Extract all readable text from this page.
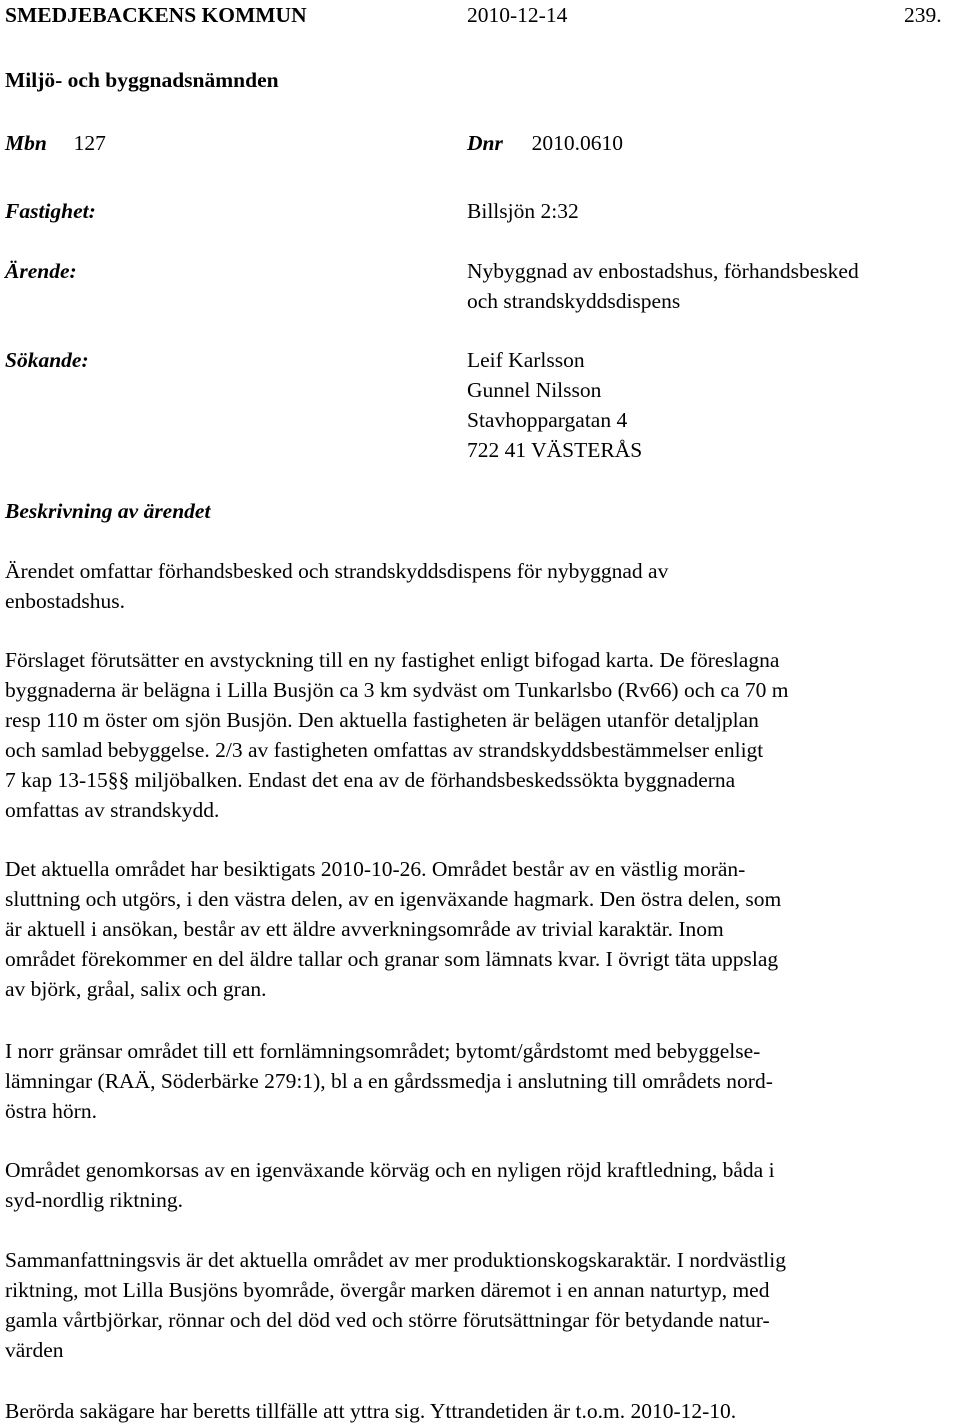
SMEDJEBACKENS KOMMUN	2010-12-14	239.
Miljö- och byggnadsnämnden
Mbn 127	Dnr 2010.0610
Fastighet:	Billsjön 2:32
Ärende:	Nybyggnad av enbostadshus, förhandsbesked
och strandskyddsdispens
Sökande:	Leif Karlsson
Gunnel Nilsson
Stavhoppargatan 4
722 41 VÄSTERÅS
Beskrivning av ärendet
Ärendet omfattar förhandsbesked och strandskyddsdispens för nybyggnad av
enbostadshus.
Förslaget förutsätter en avstyckning till en ny fastighet enligt bifogad karta. De föreslagna
byggnaderna är belägna i Lilla Busjön ca 3 km sydväst om Tunkarlsbo (Rv66) och ca 70 m
resp 110 m öster om sjön Busjön. Den aktuella fastigheten är belägen utanför detaljplan
och samlad bebyggelse. 2/3 av fastigheten omfattas av strandskyddsbestämmelser enligt
7 kap 13-15§§ miljöbalken. Endast det ena av de förhandsbeskedssökta byggnaderna
omfattas av strandskydd.
Det aktuella området har besiktigats 2010-10-26. Området består av en västlig morän-
sluttning och utgörs, i den västra delen, av en igenväxande hagmark. Den östra delen, som
är aktuell i ansökan, består av ett äldre avverkningsområde av trivial karaktär. Inom
området förekommer en del äldre tallar och granar som lämnats kvar. I övrigt täta uppslag
av björk, gråal, salix och gran.
I norr gränsar området till ett fornlämningsområdet; bytomt/gårdstomt med bebyggelse-
lämningar (RAÄ, Söderbärke 279:1), bl a en gårdssmedja i anslutning till områdets nord-
östra hörn.
Området genomkorsas av en igenväxande körväg och en nyligen röjd kraftledning, båda i
syd-nordlig riktning.
Sammanfattningsvis är det aktuella området av mer produktionskogskaraktär. I nordvästlig
riktning, mot Lilla Busjöns byområde, övergår marken däremot i en annan naturtyp, med
gamla vårtbjörkar, rönnar och del död ved och större förutsättningar för betydande natur-
värden
Berörda sakägare har beretts tillfälle att yttra sig. Yttrandetiden är t.o.m. 2010-12-10.
